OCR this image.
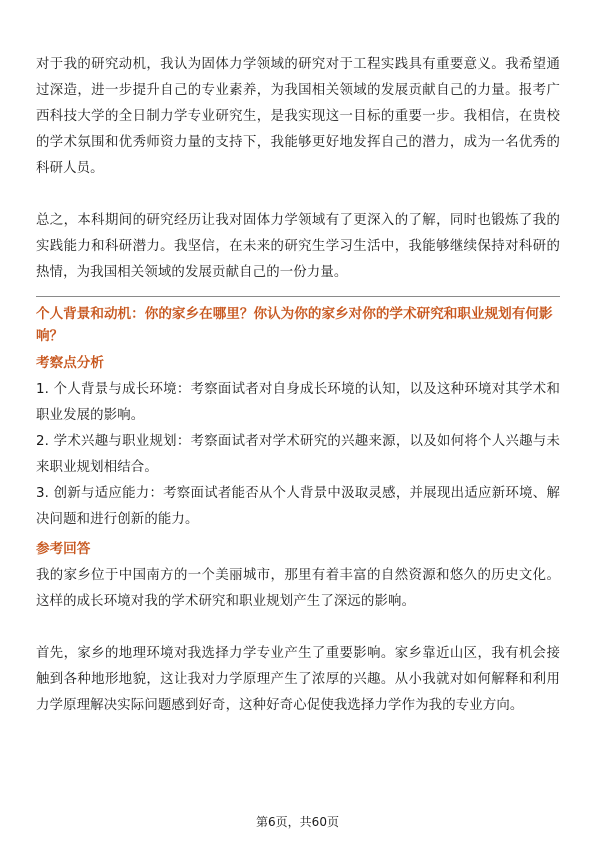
对于我的研究动机，我认为固体力学领域的研究对于工程实践具有重要意义。我希望通过深造，进一步提升自己的专业素养，为我国相关领域的发展贡献自己的力量。报考广西科技大学的全日制力学专业研究生，是我实现这一目标的重要一步。我相信，在贵校的学术氛围和优秀师资力量的支持下，我能够更好地发挥自己的潜力，成为一名优秀的科研人员。

总之，本科期间的研究经历让我对固体力学领域有了更深入的了解，同时也锻炼了我的实践能力和科研潜力。我坚信，在未来的研究生学习生活中，我能够继续保持对科研的热情，为我国相关领域的发展贡献自己的一份力量。

个人背景和动机：你的家乡在哪里？你认为你的家乡对你的学术研究和职业规划有何影响？
考察点分析

1. 个人背景与成长环境：考察面试者对自身成长环境的认知，以及这种环境对其学术和职业发展的影响。

2. 学术兴趣与职业规划：考察面试者对学术研究的兴趣来源，以及如何将个人兴趣与未来职业规划相结合。

3. 创新与适应能力：考察面试者能否从个人背景中汲取灵感，并展现出适应新环境、解决问题和进行创新的能力。

参考回答

我的家乡位于中国南方的一个美丽城市，那里有着丰富的自然资源和悠久的历史文化。这样的成长环境对我的学术研究和职业规划产生了深远的影响。

首先，家乡的地理环境对我选择力学专业产生了重要影响。家乡靠近山区，我有机会接触到各种地形地貌，这让我对力学原理产生了浓厚的兴趣。从小我就对如何解释和利用力学原理解决实际问题感到好奇，这种好奇心促使我选择力学作为我的专业方向。

第6页，共60页
